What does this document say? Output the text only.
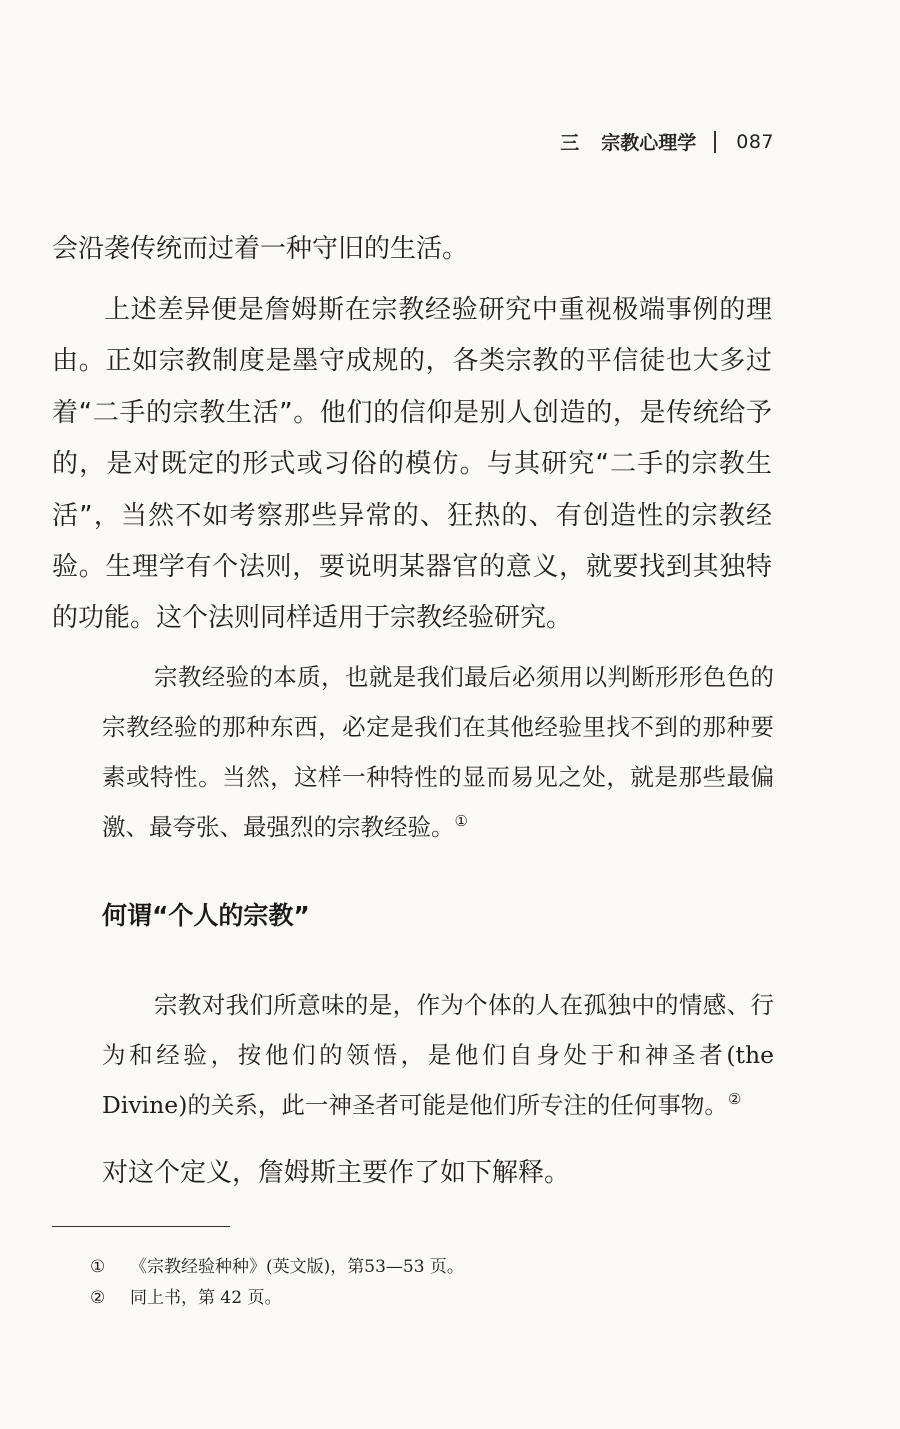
三 宗教心理学 087

会沿袭传统而过着一种守旧的生活。

上述差异便是詹姆斯在宗教经验研究中重视极端事例的理由。正如宗教制度是墨守成规的，各类宗教的平信徒也大多过着“二手的宗教生活”。他们的信仰是别人创造的，是传统给予的，是对既定的形式或习俗的模仿。与其研究“二手的宗教生活”，当然不如考察那些异常的、狂热的、有创造性的宗教经验。生理学有个法则，要说明某器官的意义，就要找到其独特的功能。这个法则同样适用于宗教经验研究。

宗教经验的本质，也就是我们最后必须用以判断形形色色的宗教经验的那种东西，必定是我们在其他经验里找不到的那种要素或特性。当然，这样一种特性的显而易见之处，就是那些最偏激、最夸张、最强烈的宗教经验。①

何谓“个人的宗教”

宗教对我们所意味的是，作为个体的人在孤独中的情感、行为和经验，按他们的领悟，是他们自身处于和神圣者(the Divine)的关系，此一神圣者可能是他们所专注的任何事物。②

对这个定义，詹姆斯主要作了如下解释。

①	《宗教经验种种》(英文版)，第53—53 页。
②	同上书，第 42 页。
